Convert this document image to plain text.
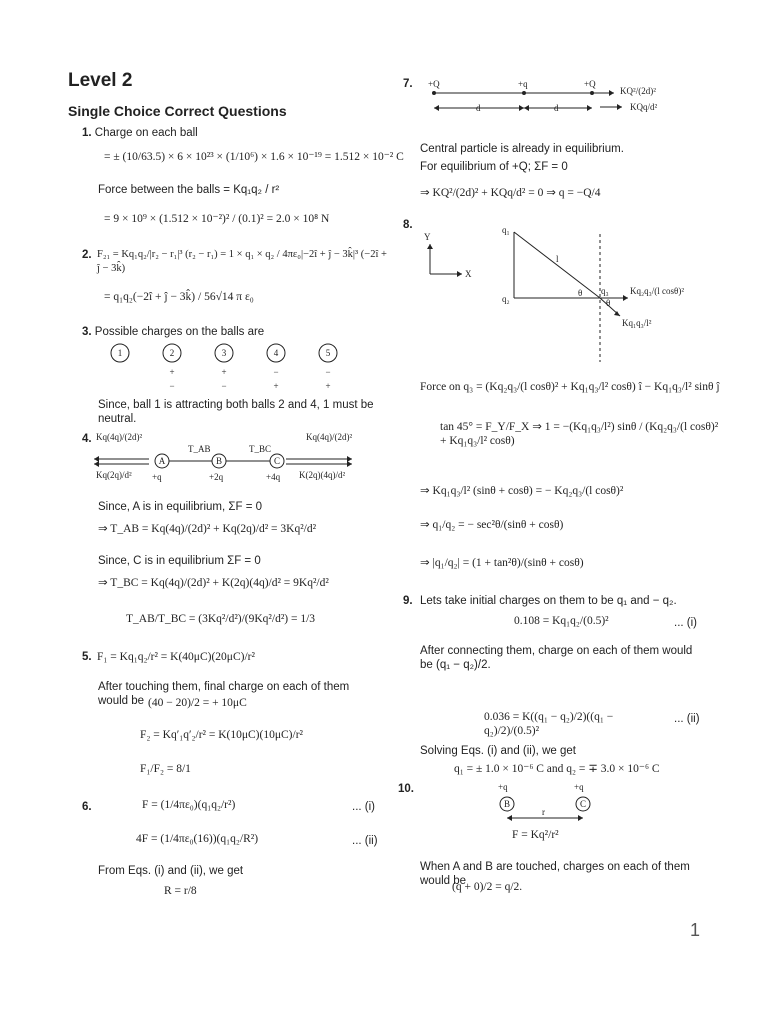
Level 2
Single Choice Correct Questions
1. Charge on each ball
= ± (10/63.5) × 6 × 10²³ × (1/10⁶) × 1.6 × 10⁻¹⁹ = 1.512 × 10⁻² C
Force between the balls = Kq₁q₂ / r²
= 9 × 10⁹ × (1.512 × 10⁻²)² / (0.1)² = 2.0 × 10⁸ N
2. F₂₁ = Kq₁q₂/|r₂ − r₁|³ (r₂ − r₁) = 1 × q₁ × q₂ / 4πε₀|−2î + ĵ − 3k̂|³ (−2î + ĵ − 3k̂)
= q₁q₂(−2î + ĵ − 3k̂) / 56√14 π ε₀
3. Possible charges on the balls are
1	2	3	4	5
+	+	−	−
−	−	+	+
Since, ball 1 is attracting both balls 2 and 4, 1 must be neutral.
4. Kq(4q)/(2d)²	Kq(4q)/(2d)²
A
T_AB
B
T_BC
C
Kq(2q)/d² +q	+2q	+4q K(2q)(4q)/d²
Since, A is in equilibrium, ΣF = 0
⇒ T_AB = Kq(4q)/(2d)² + Kq(2q)/d² = 3Kq²/d²
Since, C is in equilibrium ΣF = 0
⇒ T_BC = Kq(4q)/(2d)² + K(2q)(4q)/d² = 9Kq²/d²
T_AB/T_BC = (3Kq²/d²)/(9Kq²/d²) = 1/3
5. F₁ = Kq₁q₂/r² = K(40μC)(20μC)/r²
After touching them, final charge on each of them would be (40 − 20)/2 = + 10μC
F₂ = Kq′₁q′₂/r² = K(10μC)(10μC)/r²
F₁/F₂ = 8/1
6.	F = (1/4πε₀)(q₁q₂/r²)	... (i)
4F = (1/4πε₀(16))(q₁q₂/R²)	... (ii)
From Eqs. (i) and (ii), we get
R = r/8
7. +Q	+q	+Q
KQ²/(2d)²
KQq/d²
d	d
Central particle is already in equilibrium.
For equilibrium of +Q; ΣF = 0
⇒ KQ²/(2d)² + KQq/d² = 0 ⇒ q = −Q/4
8.
Y
X
q₁
q₂
l
θ q₃
θ
Kq₂q₃/(l cosθ)²
Kq₁q₃/l²
Force on q₃ = (Kq₂q₃/(l cosθ)² + Kq₁q₃/l² cosθ) î − Kq₁q₃/l² sinθ ĵ
tan 45° = F_Y/F_X ⇒ 1 = −(Kq₁q₃/l²) sinθ / (Kq₂q₃/(l cosθ)² + Kq₁q₃/l² cosθ)
⇒ Kq₁q₃/l² (sinθ + cosθ) = − Kq₂q₃/(l cosθ)²
⇒ q₁/q₂ = − sec²θ/(sinθ + cosθ)
⇒ |q₁/q₂| = (1 + tan²θ)/(sinθ + cosθ)
9. Lets take initial charges on them to be q₁ and − q₂.
0.108 = Kq₁q₂/(0.5)²	... (i)
After connecting them, charge on each of them would be (q₁ − q₂)/2.
0.036 = K((q₁ − q₂)/2)((q₁ − q₂)/2)/(0.5)²
... (ii)
Solving Eqs. (i) and (ii), we get
q₁ = ± 1.0 × 10⁻⁶ C and q₂ = ∓ 3.0 × 10⁻⁶ C
10.	+q	+q
B	C
r
F = Kq²/r²
When A and B are touched, charges on each of them would be
(q + 0)/2 = q/2.
1
